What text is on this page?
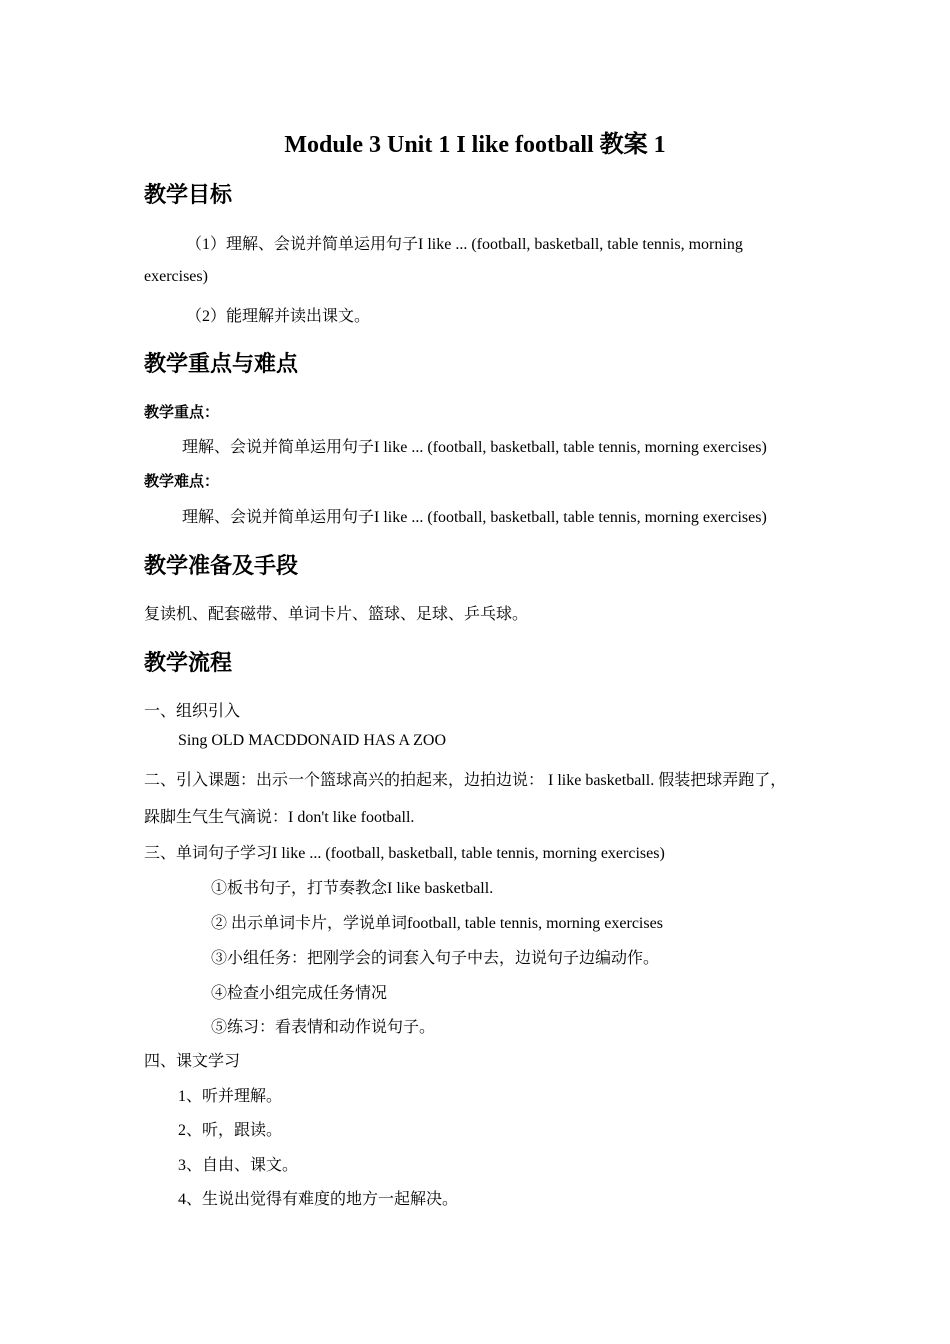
Module 3 Unit 1 I like football 教案 1
教学目标
（1）理解、会说并简单运用句子I like ... (football, basketball, table tennis, morning
exercises)
（2）能理解并读出课文。
教学重点与难点
教学重点：
理解、会说并简单运用句子I like ... (football, basketball, table tennis, morning exercises)
教学难点：
理解、会说并简单运用句子I like ... (football, basketball, table tennis, morning exercises)
教学准备及手段
复读机、配套磁带、单词卡片、篮球、足球、乒乓球。
教学流程
一、组织引入
Sing OLD MACDDONAID HAS A ZOO
二、引入课题：出示一个篮球高兴的拍起来，边拍边说： I like basketball. 假装把球弄跑了，
跺脚生气生气滴说：I don't like football.
三、单词句子学习I like ... (football, basketball, table tennis, morning exercises)
①板书句子，打节奏教念I like basketball.
② 出示单词卡片，学说单词football, table tennis, morning exercises
③小组任务：把刚学会的词套入句子中去，边说句子边编动作。
④检查小组完成任务情况
⑤练习：看表情和动作说句子。
四、课文学习
1、听并理解。
2、听，跟读。
3、自由、课文。
4、生说出觉得有难度的地方一起解决。
